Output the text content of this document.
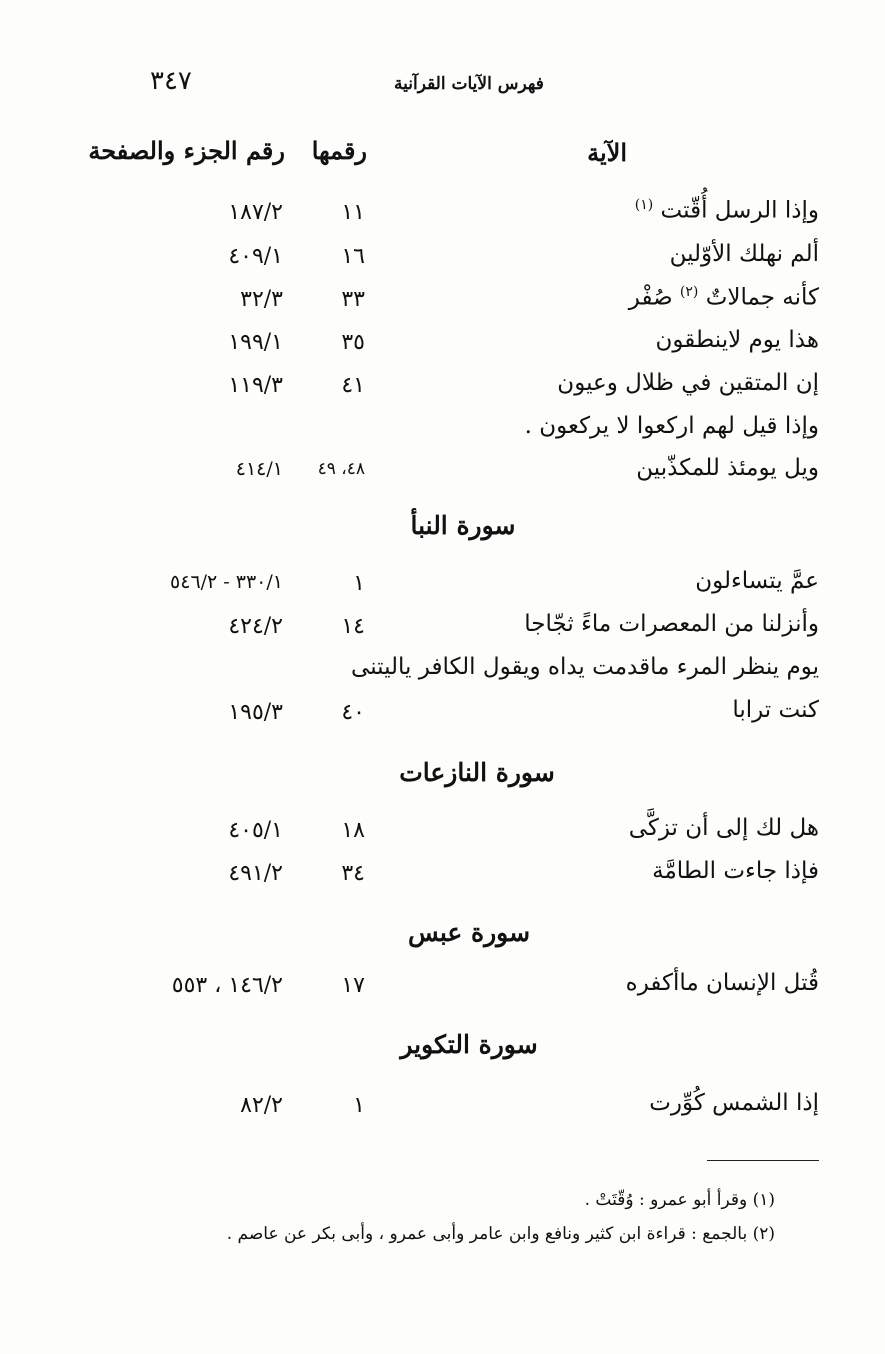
٣٤٧	فهرس الآيات القرآنية
الآية
رقمها
رقم الجزء والصفحة
وإذا الرسل أُقّتت $^{(١)}$
١١
١٨٧/٢
ألم نهلك الأوّلين
١٦
٤٠٩/١
كأنه جمالاتٌ $^{(٢)}$ صُفْر
٣٣
٣٢/٣
هذا يوم لاينطقون
٣٥
١٩٩/١
إن المتقين في ظلال وعيون
٤١
١١٩/٣
وإذا قيل لهم اركعوا لا يركعون .
ويل يومئذ للمكذّبين
٤٨، ٤٩
٤١٤/١
سورة النبأ
عمَّ يتساءلون
١
٣٣٠/١ - ٥٤٦/٢
وأنزلنا من المعصرات ماءً ثجّاجا
١٤
٤٢٤/٢
يوم ينظر المرء ماقدمت يداه ويقول الكافر ياليتنى
كنت ترابا
٤٠
١٩٥/٣
سورة النازعات
هل لك إلى أن تزكَّى
١٨
٤٠٥/١
فإذا جاءت الطامَّة
٣٤
٤٩١/٢
سورة عبس
قُتل الإنسان ماأكفره
١٧
١٤٦/٢ ، ٥٥٣
سورة التكوير
إذا الشمس كُوِّرت
١
٨٢/٢
(١) وقرأ أبو عمرو : وُقّتَتْ .
(٢) بالجمع : قراءة ابن كثير ونافع وابن عامر وأبى عمرو ، وأبى بكر عن عاصم .
